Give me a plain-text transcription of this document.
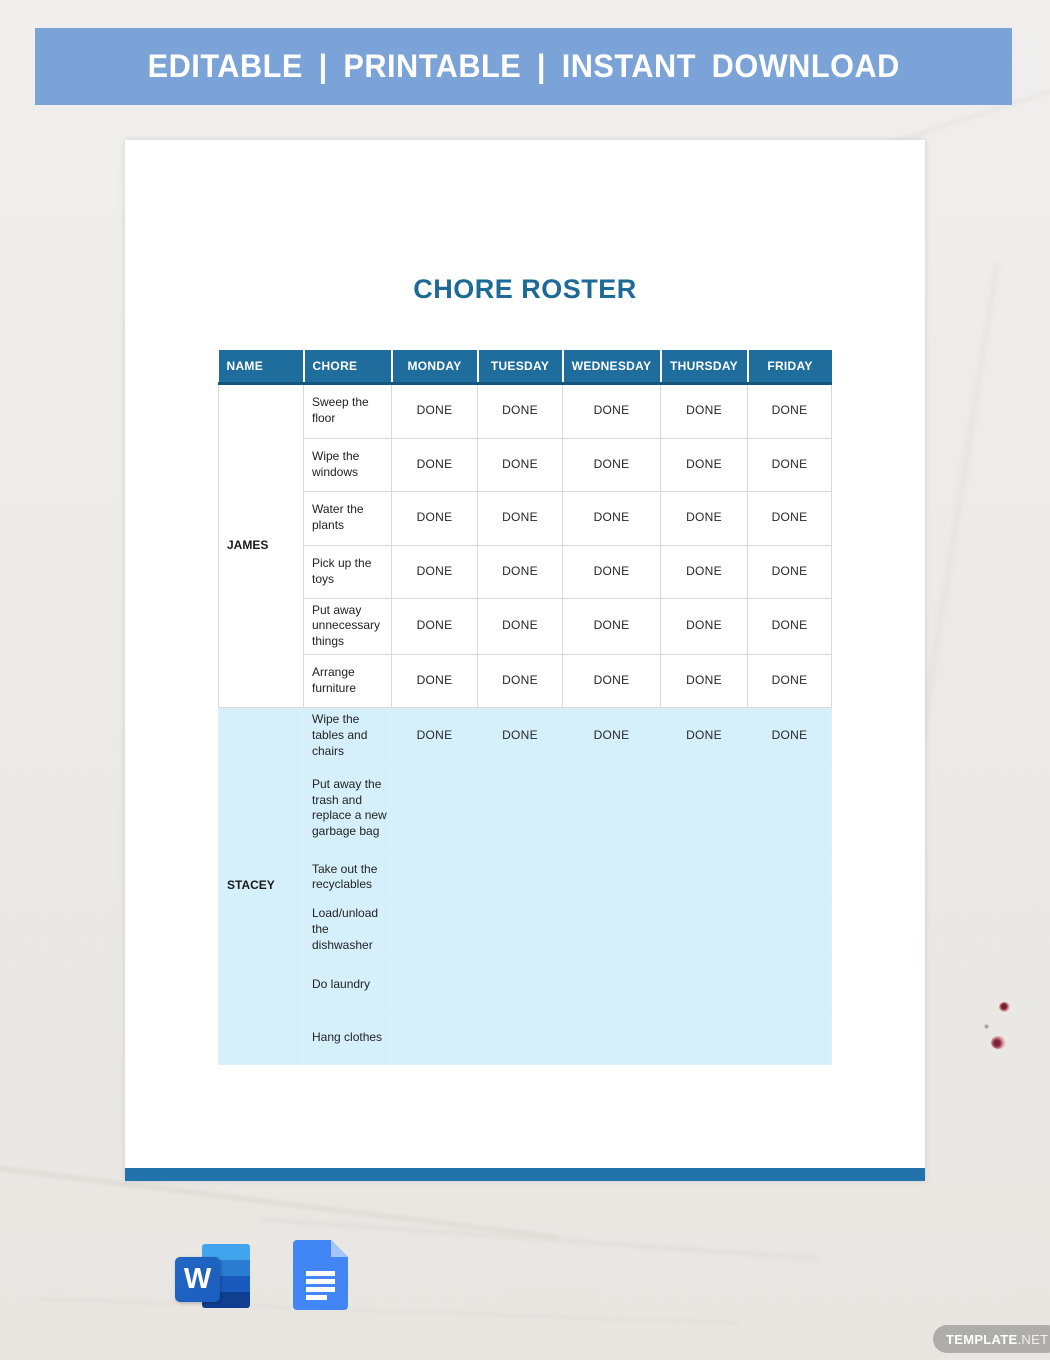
EDITABLE | PRINTABLE | INSTANT DOWNLOAD
CHORE ROSTER
NAME	CHORE	MONDAY	TUESDAY	WEDNESDAY	THURSDAY	FRIDAY
JAMES	Sweep the floor	DONE	DONE	DONE	DONE	DONE
	Wipe the windows	DONE	DONE	DONE	DONE	DONE
	Water the plants	DONE	DONE	DONE	DONE	DONE
	Pick up the toys	DONE	DONE	DONE	DONE	DONE
	Put away unnecessary things	DONE	DONE	DONE	DONE	DONE
	Arrange furniture	DONE	DONE	DONE	DONE	DONE
STACEY	Wipe the tables and chairs	DONE	DONE	DONE	DONE	DONE
	Put away the trash and replace a new garbage bag					
	Take out the recyclables					
	Load/unload the dishwasher					
	Do laundry					
	Hang clothes					
W
TEMPLATE .NET
